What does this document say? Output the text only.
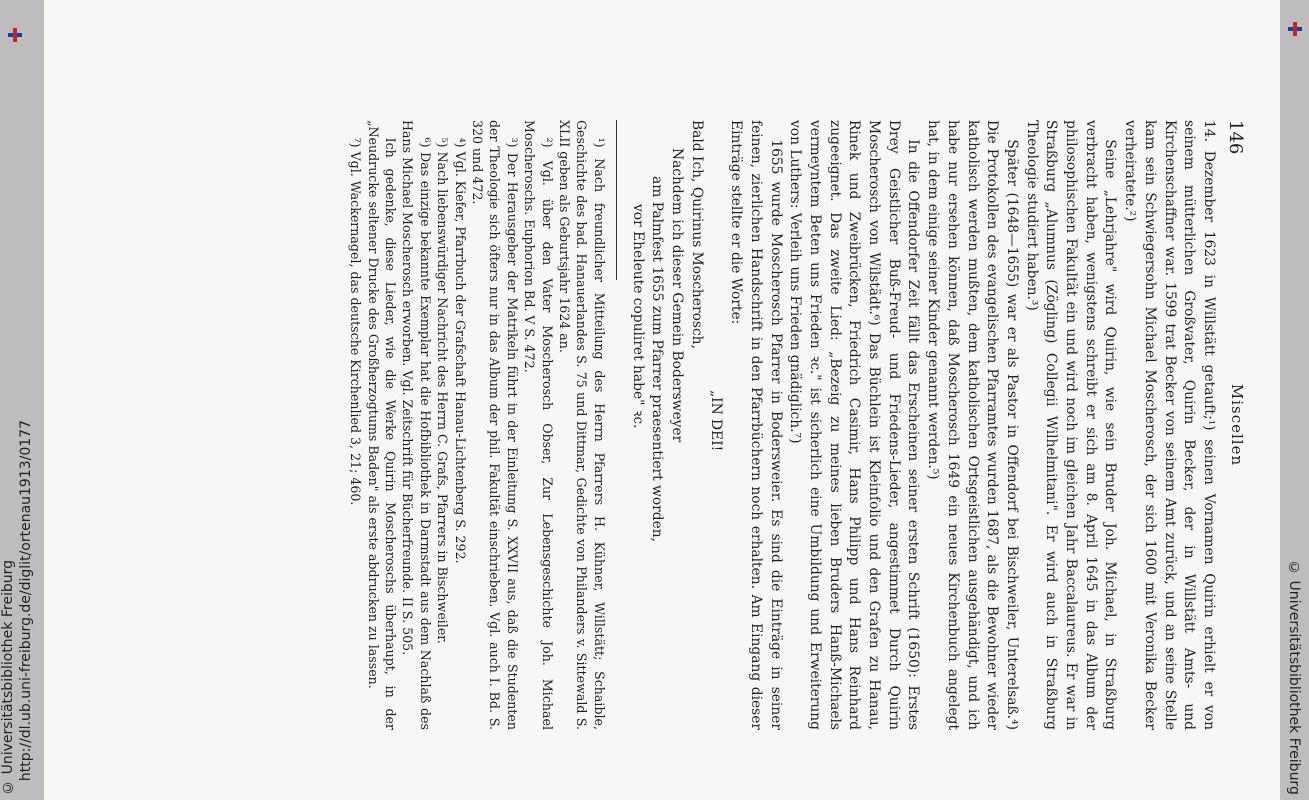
http://dl.ub.uni-freiburg.de/diglit/ortenau1913/0177
© Universitätsbibliothek Freiburg	© Universitätsbibliothek Freiburg
146
Miscellen

14. Dezember 1623 in Willstätt getauft;¹) seinen Vornamen Quirin erhielt er von seinem mütterlichen Großvater, Quirin Becker, der in Willstätt Amts- und Kirchenschaffner war. 1599 trat Becker von seinem Amt zurück, und an seine Stelle kam sein Schwiegersohn Michael Moscherosch, der sich 1600 mit Veronika Becker verheiratete.²)

Seine „Lehrjahre" wird Quirin, wie sein Bruder Joh. Michael, in Straßburg verbracht haben, wenigstens schreibt er sich am 8. April 1645 in das Album der philosophischen Fakultät ein und wird noch im gleichen Jahr Baccalaureus. Er war in Straßburg „Alumnus (Zögling) Collegii Wilhelmitani". Er wird auch in Straßburg Theologie studiert haben.³)

Später (1648—1655) war er als Pastor in Offendorf bei Bischweiler, Unterelsaß.⁴) Die Protokollen des evangelischen Pfarramtes wurden 1687, als die Bewohner wieder katholisch werden mußten, dem katholischen Ortsgeistlichen ausgehändigt, und ich habe nur ersehen können, daß Moscherosch 1649 ein neues Kirchenbuch angelegt hat, in dem einige seiner Kinder genannt werden.⁵)

In die Offendorfer Zeit fällt das Erscheinen seiner ersten Schrift (1650): Erstes Drey Geistlicher Buß-Freud- und Friedens-Lieder, angestimmet Durch Quirin Moscherosch von Wilstädt.⁶) Das Büchlein ist Kleinfolio und den Grafen zu Hanau, Rinek und Zweibrücken, Friedrich Casimir, Hans Philipp und Hans Reinhard zugeeignet. Das zweite Lied: „Bezeig zu meines lieben Bruders Hanß-Michaels vermeyntem Beten uns Frieden ꝛc." ist sicherlich eine Umbildung und Erweiterung von Luthers: Verleih uns Frieden gnädiglich.⁷)

1655 wurde Moscherosch Pfarrer in Bodersweier. Es sind die Einträge in seiner feinen, zierlichen Handschrift in den Pfarrbüchern noch erhalten. Am Eingang dieser Einträge stellte er die Worte:

„IN DEI!
Bald Ich, Quirinus Moscherosch,
Nachdem ich dieser Gemein Bodersweyer
am Palmfest 1655 zum Pfarrer praesentiert worden,
vor Eheleute copuliret habe" ꝛc.

¹) Nach freundlicher Mitteilung des Herrn Pfarrers H. Kühner, Willstätt; Schaible, Geschichte des bad. Hanauerlandes S. 75 und Dittmar, Gedichte von Philanders v. Sittewald S. XLII geben als Geburtsjahr 1624 an.

²) Vgl. über den Vater Moscherosch Obser, Zur Lebensgeschichte Joh. Michael Moscheroschs. Euphorion Bd. V S. 472.

³) Der Herausgeber der Matrikeln führt in der Einleitung S. XXVII aus, daß die Studenten der Theologie sich öfters nur in das Album der phil. Fakultät einschrieben. Vgl. auch I. Bd. S. 320 und 472.

⁴) Vgl. Kiefer, Pfarrbuch der Grafschaft Hanau-Lichtenberg S. 292.

⁵) Nach liebenswürdiger Nachricht des Herrn C. Grafs, Pfarrers in Bischweiler.

⁶) Das einzige bekannte Exemplar hat die Hofbibliothek in Darmstadt aus dem Nachlaß des Hans Michael Moscherosch erworben. Vgl. Zeitschrift für Bücherfreunde. II S. 505.

Ich gedenke, diese Lieder, wie die Werke Quirin Moscheroschs überhaupt, in der „Neudrucke seltener Drucke des Großherzogtums Baden" als erste abdrucken zu lassen.

⁷) Vgl. Wackernagel, das deutsche Kirchenlied 3, 21; 460.
